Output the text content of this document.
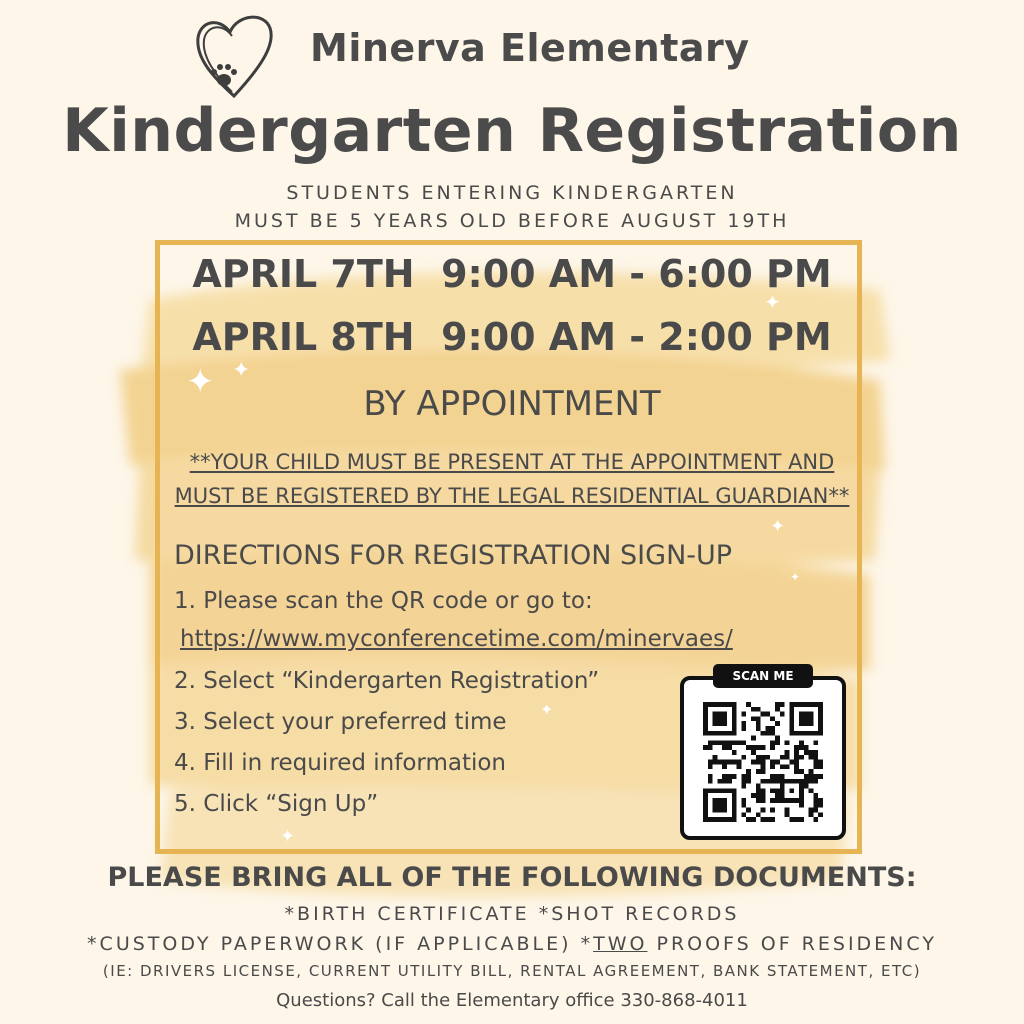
Minerva Elementary
Kindergarten Registration
STUDENTS ENTERING KINDERGARTEN
MUST BE 5 YEARS OLD BEFORE AUGUST 19TH
APRIL 7TH 9:00 AM - 6:00 PM
APRIL 8TH 9:00 AM - 2:00 PM
BY APPOINTMENT
**YOUR CHILD MUST BE PRESENT AT THE APPOINTMENT AND
MUST BE REGISTERED BY THE LEGAL RESIDENTIAL GUARDIAN**
DIRECTIONS FOR REGISTRATION SIGN-UP
1. Please scan the QR code or go to:
https://www.myconferencetime.com/minervaes/
2. Select “Kindergarten Registration”
3. Select your preferred time
4. Fill in required information
5. Click “Sign Up”
SCAN ME
PLEASE BRING ALL OF THE FOLLOWING DOCUMENTS:
*BIRTH CERTIFICATE *SHOT RECORDS
*CUSTODY PAPERWORK (IF APPLICABLE) *TWO PROOFS OF RESIDENCY
(IE: DRIVERS LICENSE, CURRENT UTILITY BILL, RENTAL AGREEMENT, BANK STATEMENT, ETC)
Questions? Call the Elementary office 330-868-4011
✦ ✦
✦
✦
✦
✦
✦
